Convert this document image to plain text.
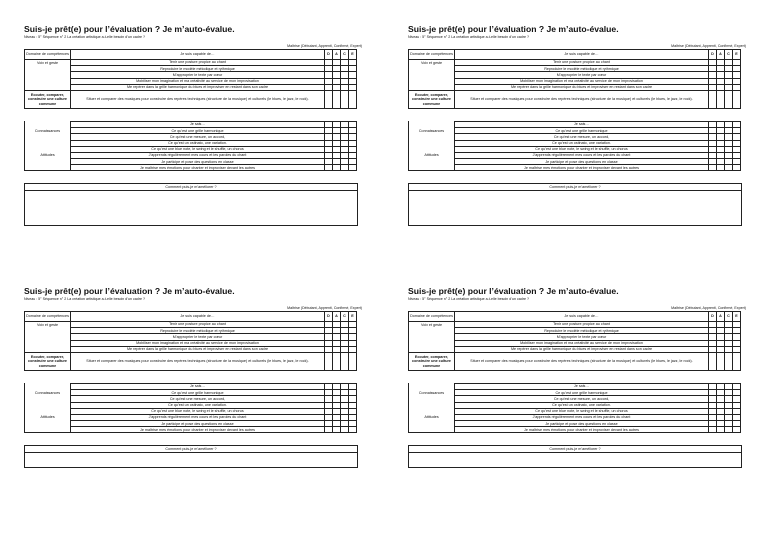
Suis-je prêt(e) pour l’évaluation ? Je m’auto-évalue.
Niveau : 5° Séquence n° 2 La création artistique a-t-elle besoin d’un cadre ?
Maîtrise (Débutant, Apprenti, Confirmé, Expert)
Domaine de compétences	Je suis capable de…	D	A	C	E
Voix et geste	Tenir une posture propice au chant				
	Reproduire le modèle mélodique et rythmique				
	M’approprier le texte par cœur				
	Mobiliser mon imagination et ma créativité au service de mon improvisation				
	Me repérer dans la grille harmonique du blues et improviser en restant dans son cadre				
Ecouter, comparer, construire une culture commune	Situer et comparer des musiques pour construire des repères techniques (structure de la musique) et culturels (le blues, le jazz, le rock).				
	Je sais…				
Connaissances	Ce qu’est une grille harmonique				
	Ce qu’est une mesure, un accord,				
	Ce qu’est un ostinato, une variation.				
	Ce qu’est une blue note, le swing et le shuffle, un chorus				
Attitudes	J’apprends régulièrement mes cours et les paroles du chant				
	Je participe et pose des questions en classe				
	Je maîtrise mes émotions pour chanter et improviser devant les autres				
Comment puis-je m’améliorer ?
Suis-je prêt(e) pour l’évaluation ? Je m’auto-évalue.
Niveau : 5° Séquence n° 2 La création artistique a-t-elle besoin d’un cadre ?
Maîtrise (Débutant, Apprenti, Confirmé, Expert)
Domaine de compétences	Je suis capable de…	D	A	C	E
Voix et geste	Tenir une posture propice au chant				
	Reproduire le modèle mélodique et rythmique				
	M’approprier le texte par cœur				
	Mobiliser mon imagination et ma créativité au service de mon improvisation				
	Me repérer dans la grille harmonique du blues et improviser en restant dans son cadre				
Ecouter, comparer, construire une culture commune	Situer et comparer des musiques pour construire des repères techniques (structure de la musique) et culturels (le blues, le jazz, le rock).				
	Je sais…				
Connaissances	Ce qu’est une grille harmonique				
	Ce qu’est une mesure, un accord,				
	Ce qu’est un ostinato, une variation.				
	Ce qu’est une blue note, le swing et le shuffle, un chorus				
Attitudes	J’apprends régulièrement mes cours et les paroles du chant				
	Je participe et pose des questions en classe				
	Je maîtrise mes émotions pour chanter et improviser devant les autres				
Comment puis-je m’améliorer ?
Suis-je prêt(e) pour l’évaluation ? Je m’auto-évalue.
Niveau : 5° Séquence n° 2 La création artistique a-t-elle besoin d’un cadre ?
Maîtrise (Débutant, Apprenti, Confirmé, Expert)
Domaine de compétences	Je suis capable de…	D	A	C	E
Voix et geste	Tenir une posture propice au chant				
	Reproduire le modèle mélodique et rythmique				
	M’approprier le texte par cœur				
	Mobiliser mon imagination et ma créativité au service de mon improvisation				
	Me repérer dans la grille harmonique du blues et improviser en restant dans son cadre				
Ecouter, comparer, construire une culture commune	Situer et comparer des musiques pour construire des repères techniques (structure de la musique) et culturels (le blues, le jazz, le rock).				
	Je sais…				
Connaissances	Ce qu’est une grille harmonique				
	Ce qu’est une mesure, un accord,				
	Ce qu’est un ostinato, une variation.				
	Ce qu’est une blue note, le swing et le shuffle, un chorus				
Attitudes	J’apprends régulièrement mes cours et les paroles du chant				
	Je participe et pose des questions en classe				
	Je maîtrise mes émotions pour chanter et improviser devant les autres				
Comment puis-je m’améliorer ?
Suis-je prêt(e) pour l’évaluation ? Je m’auto-évalue.
Niveau : 5° Séquence n° 2 La création artistique a-t-elle besoin d’un cadre ?
Maîtrise (Débutant, Apprenti, Confirmé, Expert)
Domaine de compétences	Je suis capable de…	D	A	C	E
Voix et geste	Tenir une posture propice au chant				
	Reproduire le modèle mélodique et rythmique				
	M’approprier le texte par cœur				
	Mobiliser mon imagination et ma créativité au service de mon improvisation				
	Me repérer dans la grille harmonique du blues et improviser en restant dans son cadre				
Ecouter, comparer, construire une culture commune	Situer et comparer des musiques pour construire des repères techniques (structure de la musique) et culturels (le blues, le jazz, le rock).				
	Je sais…				
Connaissances	Ce qu’est une grille harmonique				
	Ce qu’est une mesure, un accord,				
	Ce qu’est un ostinato, une variation.				
	Ce qu’est une blue note, le swing et le shuffle, un chorus				
Attitudes	J’apprends régulièrement mes cours et les paroles du chant				
	Je participe et pose des questions en classe				
	Je maîtrise mes émotions pour chanter et improviser devant les autres				
Comment puis-je m’améliorer ?
